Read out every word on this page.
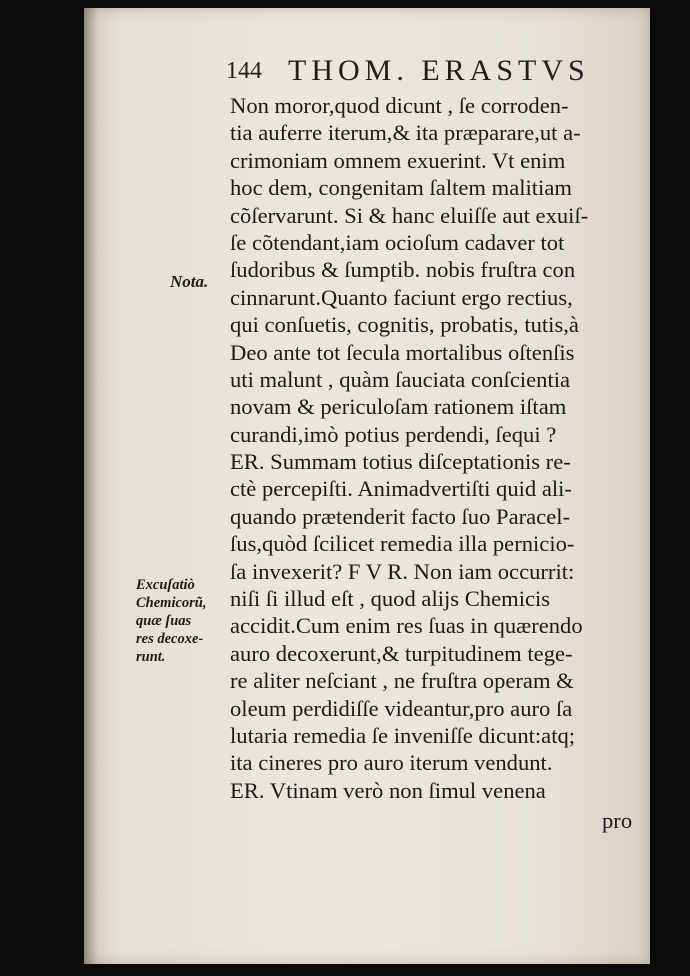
144 THOM. ERASTVS
Non moror,quod dicunt , ſe corroden-
tia auferre iterum,& ita præparare,ut a-
crimoniam omnem exuerint. Vt enim
hoc dem, congenitam ſaltem malitiam
cõſervarunt. Si & hanc eluiſſe aut exuiſ-
ſe cõtendant,iam ocioſum cadaver tot
ſudoribus & ſumptib. nobis fruſtra con
cinnarunt.Quanto faciunt ergo rectius,
qui conſuetis, cognitis, probatis, tutis,à
Deo ante tot ſecula mortalibus oſtenſis
uti malunt , quàm ſauciata conſcientia
novam & periculoſam rationem iſtam
curandi,imò potius perdendi, ſequi ?
ER. Summam totius diſceptationis re-
ctè percepiſti. Animadvertiſti quid ali-
quando prætenderit facto ſuo Paracel-
ſus,quòd ſcilicet remedia illa pernicio-
ſa invexerit? F V R. Non iam occurrit:
niſi ſi illud eſt , quod alijs Chemicis
accidit.Cum enim res ſuas in quærendo
auro decoxerunt,& turpitudinem tege-
re aliter neſciant , ne fruſtra operam &
oleum perdidiſſe videantur,pro auro ſa
lutaria remedia ſe inveniſſe dicunt:atq;
ita cineres pro auro iterum vendunt.
ER. Vtinam verò non ſimul venena
pro
Nota.
Excuſatiò
Chemicorũ,
quæ ſuas
res decoxe-
runt.
